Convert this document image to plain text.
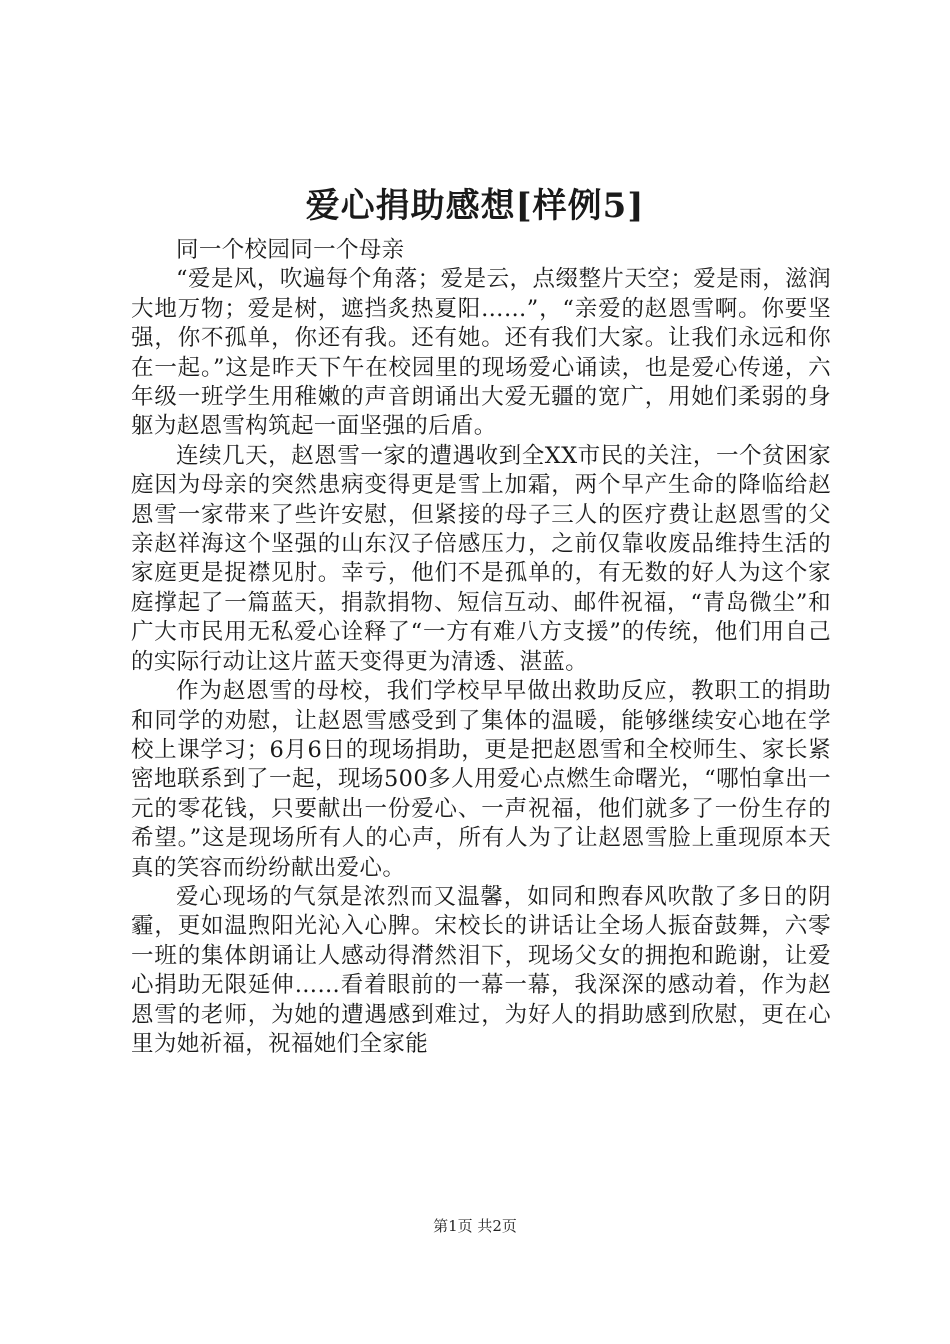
爱心捐助感想[样例5]

同一个校园同一个母亲

“爱是风，吹遍每个角落；爱是云，点缀整片天空；爱是雨，滋润大地万物；爱是树，遮挡炙热夏阳……”，“亲爱的赵恩雪啊。你要坚强，你不孤单，你还有我。还有她。还有我们大家。让我们永远和你在一起。”这是昨天下午在校园里的现场爱心诵读，也是爱心传递，六年级一班学生用稚嫩的声音朗诵出大爱无疆的宽广，用她们柔弱的身躯为赵恩雪构筑起一面坚强的后盾。

连续几天，赵恩雪一家的遭遇收到全XX市民的关注，一个贫困家庭因为母亲的突然患病变得更是雪上加霜，两个早产生命的降临给赵恩雪一家带来了些许安慰，但紧接的母子三人的医疗费让赵恩雪的父亲赵祥海这个坚强的山东汉子倍感压力，之前仅靠收废品维持生活的家庭更是捉襟见肘。幸亏，他们不是孤单的，有无数的好人为这个家庭撑起了一篇蓝天，捐款捐物、短信互动、邮件祝福，“青岛微尘”和广大市民用无私爱心诠释了“一方有难八方支援”的传统，他们用自己的实际行动让这片蓝天变得更为清透、湛蓝。

作为赵恩雪的母校，我们学校早早做出救助反应，教职工的捐助和同学的劝慰，让赵恩雪感受到了集体的温暖，能够继续安心地在学校上课学习；6月6日的现场捐助，更是把赵恩雪和全校师生、家长紧密地联系到了一起，现场500多人用爱心点燃生命曙光，“哪怕拿出一元的零花钱，只要献出一份爱心、一声祝福，他们就多了一份生存的希望。”这是现场所有人的心声，所有人为了让赵恩雪脸上重现原本天真的笑容而纷纷献出爱心。

爱心现场的气氛是浓烈而又温馨，如同和煦春风吹散了多日的阴霾，更如温煦阳光沁入心脾。宋校长的讲话让全场人振奋鼓舞，六零一班的集体朗诵让人感动得潸然泪下，现场父女的拥抱和跪谢，让爱心捐助无限延伸……看着眼前的一幕一幕，我深深的感动着，作为赵恩雪的老师，为她的遭遇感到难过，为好人的捐助感到欣慰，更在心里为她祈福，祝福她们全家能

第1页 共2页
